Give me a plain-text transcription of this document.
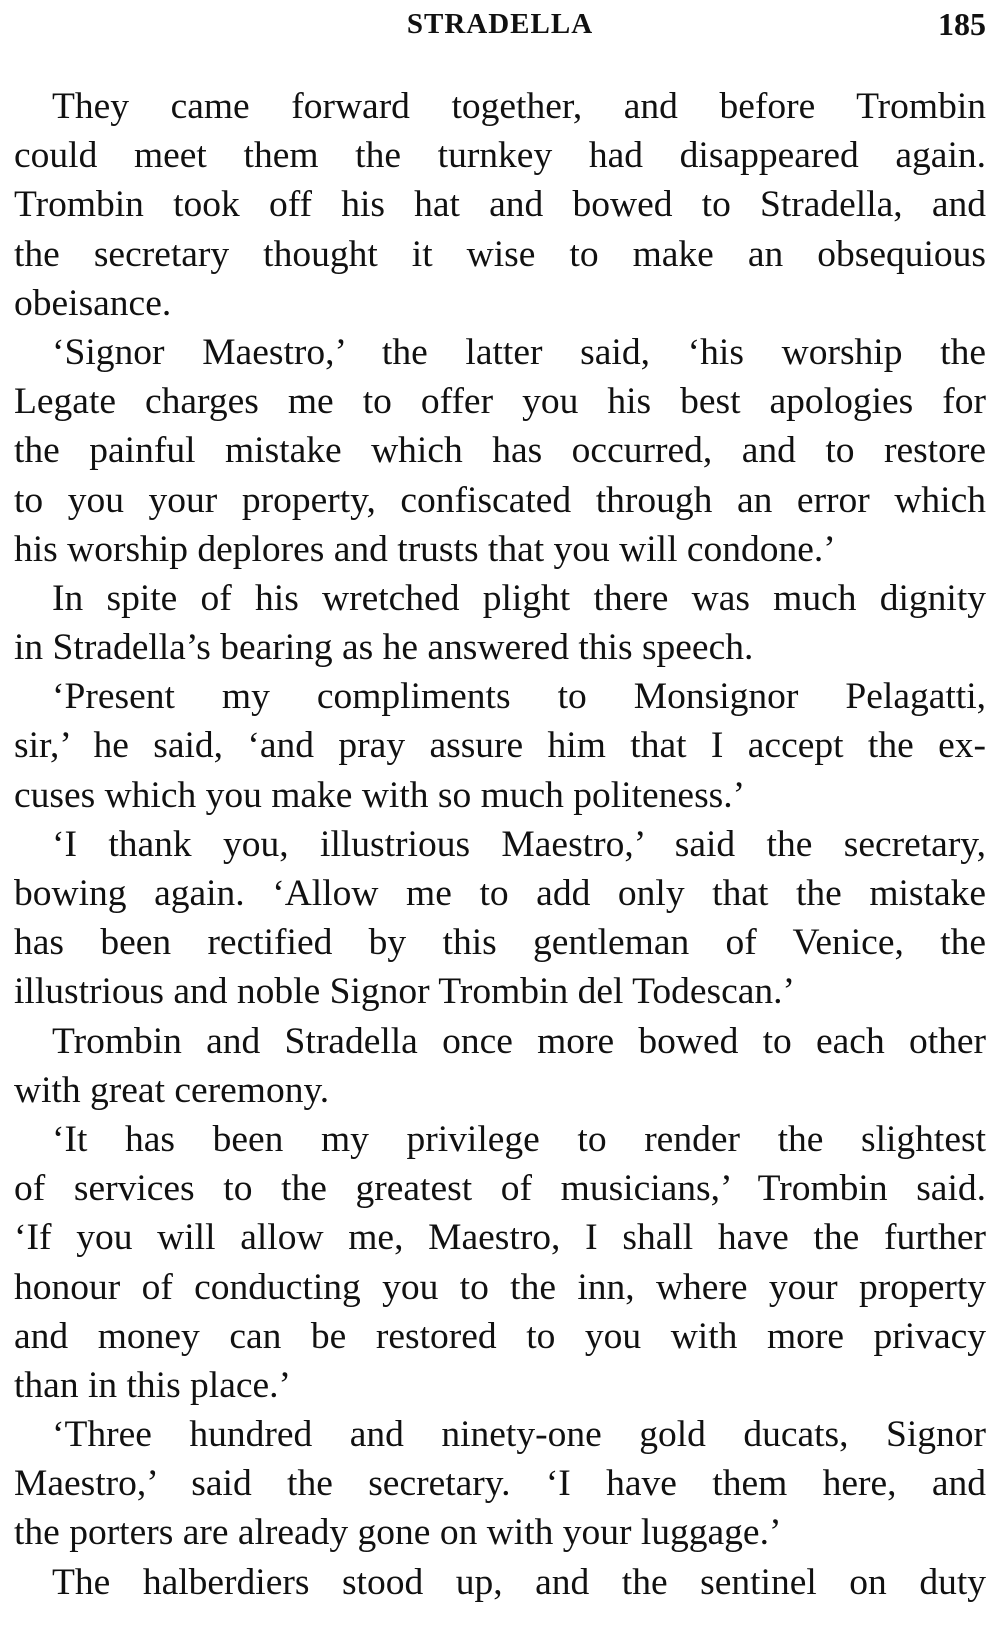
STRADELLA	185
They came forward together, and before Trombin
could meet them the turnkey had disappeared again.
Trombin took off his hat and bowed to Stradella, and
the secretary thought it wise to make an obsequious
obeisance.
‘Signor Maestro,’ the latter said, ‘his worship the
Legate charges me to offer you his best apologies for
the painful mistake which has occurred, and to restore
to you your property, confiscated through an error which
his worship deplores and trusts that you will condone.’
In spite of his wretched plight there was much dignity
in Stradella’s bearing as he answered this speech.
‘Present my compliments to Monsignor Pelagatti,
sir,’ he said, ‘and pray assure him that I accept the ex-
cuses which you make with so much politeness.’
‘I thank you, illustrious Maestro,’ said the secretary,
bowing again. ‘Allow me to add only that the mistake
has been rectified by this gentleman of Venice, the
illustrious and noble Signor Trombin del Todescan.’
Trombin and Stradella once more bowed to each other
with great ceremony.
‘It has been my privilege to render the slightest
of services to the greatest of musicians,’ Trombin said.
‘If you will allow me, Maestro, I shall have the further
honour of conducting you to the inn, where your property
and money can be restored to you with more privacy
than in this place.’
‘Three hundred and ninety-one gold ducats, Signor
Maestro,’ said the secretary. ‘I have them here, and
the porters are already gone on with your luggage.’
The halberdiers stood up, and the sentinel on duty
